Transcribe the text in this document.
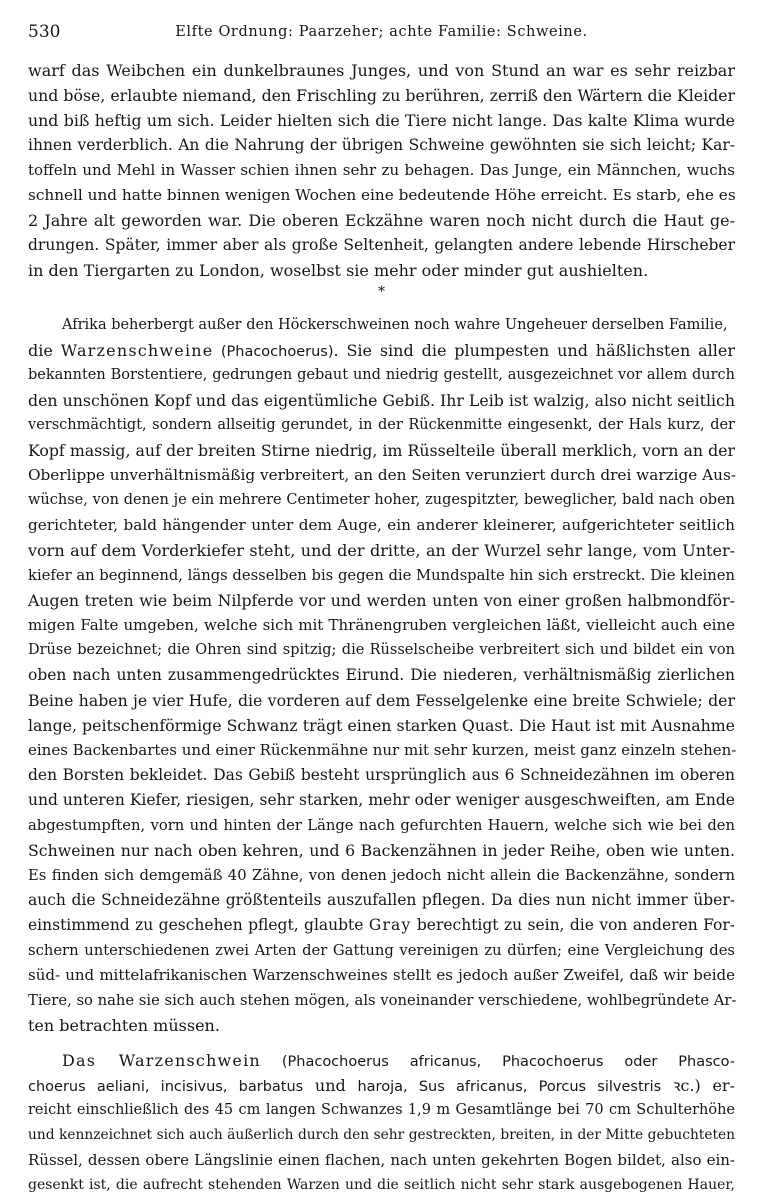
530	Elfte Ordnung: Paarzeher; achte Familie: Schweine.
warf das Weibchen ein dunkelbraunes Junges, und von Stund an war es sehr reizbar
und böse, erlaubte niemand, den Frischling zu berühren, zerriß den Wärtern die Kleider
und biß heftig um sich. Leider hielten sich die Tiere nicht lange. Das kalte Klima wurde
ihnen verderblich. An die Nahrung der übrigen Schweine gewöhnten sie sich leicht; Kar-
toffeln und Mehl in Wasser schien ihnen sehr zu behagen. Das Junge, ein Männchen, wuchs
schnell und hatte binnen wenigen Wochen eine bedeutende Höhe erreicht. Es starb, ehe es
2 Jahre alt geworden war. Die oberen Eckzähne waren noch nicht durch die Haut ge-
drungen. Später, immer aber als große Seltenheit, gelangten andere lebende Hirscheber
in den Tiergarten zu London, woselbst sie mehr oder minder gut aushielten.
*
Afrika beherbergt außer den Höckerschweinen noch wahre Ungeheuer derselben Familie,
die Warzenschweine (Phacochoerus). Sie sind die plumpesten und häßlichsten aller
bekannten Borstentiere, gedrungen gebaut und niedrig gestellt, ausgezeichnet vor allem durch
den unschönen Kopf und das eigentümliche Gebiß. Ihr Leib ist walzig, also nicht seitlich
verschmächtigt, sondern allseitig gerundet, in der Rückenmitte eingesenkt, der Hals kurz, der
Kopf massig, auf der breiten Stirne niedrig, im Rüsselteile überall merklich, vorn an der
Oberlippe unverhältnismäßig verbreitert, an den Seiten verunziert durch drei warzige Aus-
wüchse, von denen je ein mehrere Centimeter hoher, zugespitzter, beweglicher, bald nach oben
gerichteter, bald hängender unter dem Auge, ein anderer kleinerer, aufgerichteter seitlich
vorn auf dem Vorderkiefer steht, und der dritte, an der Wurzel sehr lange, vom Unter-
kiefer an beginnend, längs desselben bis gegen die Mundspalte hin sich erstreckt. Die kleinen
Augen treten wie beim Nilpferde vor und werden unten von einer großen halbmondför-
migen Falte umgeben, welche sich mit Thränengruben vergleichen läßt, vielleicht auch eine
Drüse bezeichnet; die Ohren sind spitzig; die Rüsselscheibe verbreitert sich und bildet ein von
oben nach unten zusammengedrücktes Eirund. Die niederen, verhältnismäßig zierlichen
Beine haben je vier Hufe, die vorderen auf dem Fesselgelenke eine breite Schwiele; der
lange, peitschenförmige Schwanz trägt einen starken Quast. Die Haut ist mit Ausnahme
eines Backenbartes und einer Rückenmähne nur mit sehr kurzen, meist ganz einzeln stehen-
den Borsten bekleidet. Das Gebiß besteht ursprünglich aus 6 Schneidezähnen im oberen
und unteren Kiefer, riesigen, sehr starken, mehr oder weniger ausgeschweiften, am Ende
abgestumpften, vorn und hinten der Länge nach gefurchten Hauern, welche sich wie bei den
Schweinen nur nach oben kehren, und 6 Backenzähnen in jeder Reihe, oben wie unten.
Es finden sich demgemäß 40 Zähne, von denen jedoch nicht allein die Backenzähne, sondern
auch die Schneidezähne größtenteils auszufallen pflegen. Da dies nun nicht immer über-
einstimmend zu geschehen pflegt, glaubte Gray berechtigt zu sein, die von anderen For-
schern unterschiedenen zwei Arten der Gattung vereinigen zu dürfen; eine Vergleichung des
süd- und mittelafrikanischen Warzenschweines stellt es jedoch außer Zweifel, daß wir beide
Tiere, so nahe sie sich auch stehen mögen, als voneinander verschiedene, wohlbegründete Ar-
ten betrachten müssen.
Das Warzenschwein (Phacochoerus africanus, Phacochoerus oder Phasco-
choerus aeliani, incisivus, barbatus und haroja, Sus africanus, Porcus silvestris ꝛc.) er-
reicht einschließlich des 45 cm langen Schwanzes 1,9 m Gesamtlänge bei 70 cm Schulterhöhe
und kennzeichnet sich auch äußerlich durch den sehr gestreckten, breiten, in der Mitte gebuchteten
Rüssel, dessen obere Längslinie einen flachen, nach unten gekehrten Bogen bildet, also ein-
gesenkt ist, die aufrecht stehenden Warzen und die seitlich nicht sehr stark ausgebogenen Hauer,
